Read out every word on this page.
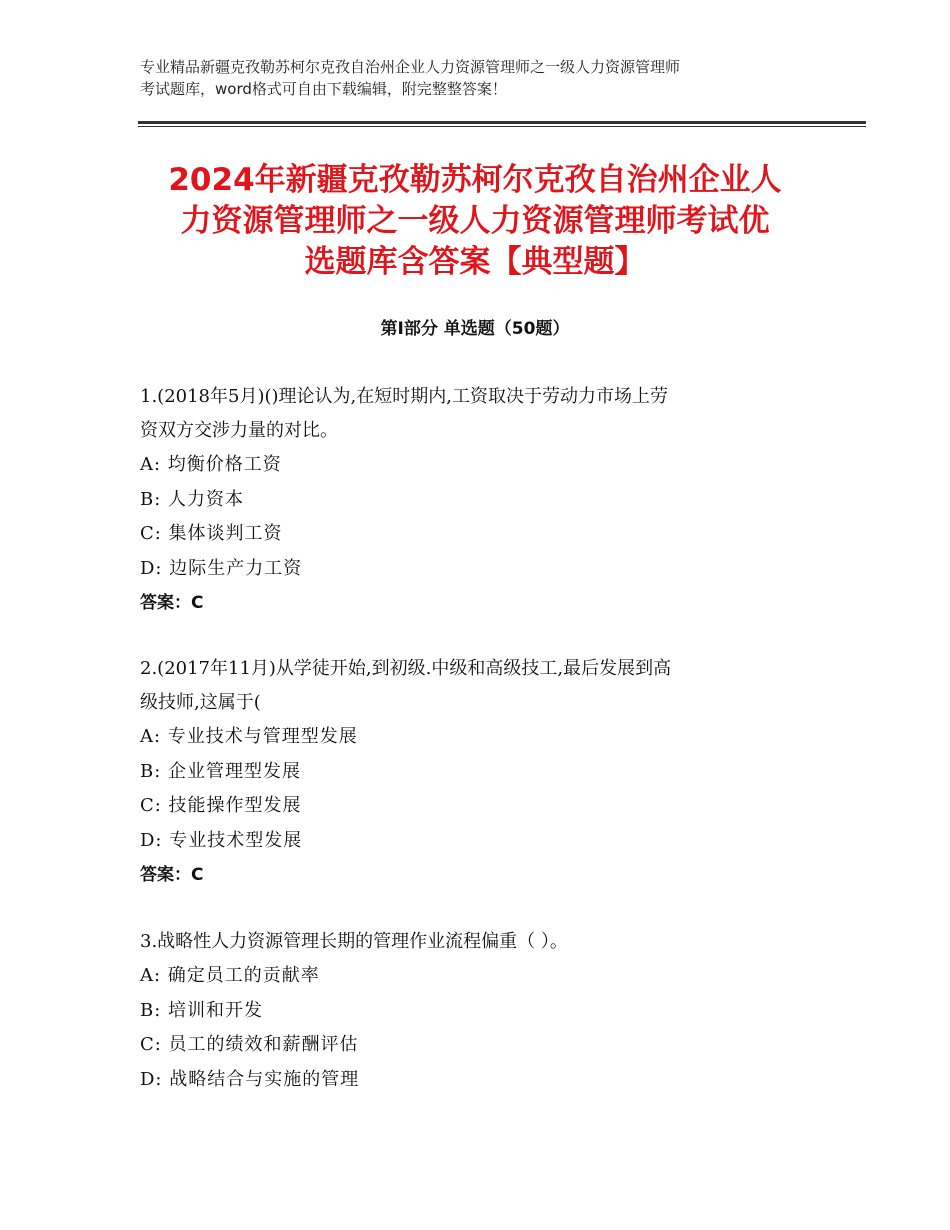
专业精品新疆克孜勒苏柯尔克孜自治州企业人力资源管理师之一级人力资源管理师
考试题库，word格式可自由下载编辑，附完整整答案！
2024年新疆克孜勒苏柯尔克孜自治州企业人
力资源管理师之一级人力资源管理师考试优
选题库含答案【典型题】
第Ⅰ部分 单选题（50题）
1.(2018年5月)()理论认为,在短时期内,工资取决于劳动力市场上劳
资双方交涉力量的对比。
A: 均衡价格工资
B: 人力资本
C: 集体谈判工资
D: 边际生产力工资
答案：C
2.(2017年11月)从学徒开始,到初级.中级和高级技工,最后发展到高
级技师,这属于(
A: 专业技术与管理型发展
B: 企业管理型发展
C: 技能操作型发展
D: 专业技术型发展
答案：C
3.战略性人力资源管理长期的管理作业流程偏重（ ）。
A: 确定员工的贡献率
B: 培训和开发
C: 员工的绩效和薪酬评估
D: 战略结合与实施的管理
